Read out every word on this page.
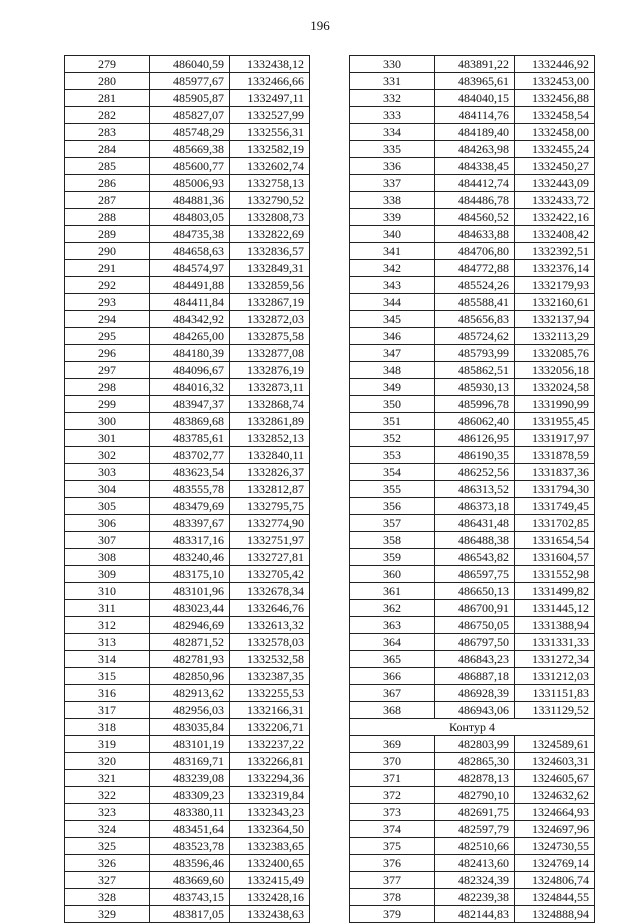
196
279	486040,59	1332438,12
280	485977,67	1332466,66
281	485905,87	1332497,11
282	485827,07	1332527,99
283	485748,29	1332556,31
284	485669,38	1332582,19
285	485600,77	1332602,74
286	485006,93	1332758,13
287	484881,36	1332790,52
288	484803,05	1332808,73
289	484735,38	1332822,69
290	484658,63	1332836,57
291	484574,97	1332849,31
292	484491,88	1332859,56
293	484411,84	1332867,19
294	484342,92	1332872,03
295	484265,00	1332875,58
296	484180,39	1332877,08
297	484096,67	1332876,19
298	484016,32	1332873,11
299	483947,37	1332868,74
300	483869,68	1332861,89
301	483785,61	1332852,13
302	483702,77	1332840,11
303	483623,54	1332826,37
304	483555,78	1332812,87
305	483479,69	1332795,75
306	483397,67	1332774,90
307	483317,16	1332751,97
308	483240,46	1332727,81
309	483175,10	1332705,42
310	483101,96	1332678,34
311	483023,44	1332646,76
312	482946,69	1332613,32
313	482871,52	1332578,03
314	482781,93	1332532,58
315	482850,96	1332387,35
316	482913,62	1332255,53
317	482956,03	1332166,31
318	483035,84	1332206,71
319	483101,19	1332237,22
320	483169,71	1332266,81
321	483239,08	1332294,36
322	483309,23	1332319,84
323	483380,11	1332343,23
324	483451,64	1332364,50
325	483523,78	1332383,65
326	483596,46	1332400,65
327	483669,60	1332415,49
328	483743,15	1332428,16
329	483817,05	1332438,63
330	483891,22	1332446,92
331	483965,61	1332453,00
332	484040,15	1332456,88
333	484114,76	1332458,54
334	484189,40	1332458,00
335	484263,98	1332455,24
336	484338,45	1332450,27
337	484412,74	1332443,09
338	484486,78	1332433,72
339	484560,52	1332422,16
340	484633,88	1332408,42
341	484706,80	1332392,51
342	484772,88	1332376,14
343	485524,26	1332179,93
344	485588,41	1332160,61
345	485656,83	1332137,94
346	485724,62	1332113,29
347	485793,99	1332085,76
348	485862,51	1332056,18
349	485930,13	1332024,58
350	485996,78	1331990,99
351	486062,40	1331955,45
352	486126,95	1331917,97
353	486190,35	1331878,59
354	486252,56	1331837,36
355	486313,52	1331794,30
356	486373,18	1331749,45
357	486431,48	1331702,85
358	486488,38	1331654,54
359	486543,82	1331604,57
360	486597,75	1331552,98
361	486650,13	1331499,82
362	486700,91	1331445,12
363	486750,05	1331388,94
364	486797,50	1331331,33
365	486843,23	1331272,34
366	486887,18	1331212,03
367	486928,39	1331151,83
368	486943,06	1331129,52
Контур 4		
369	482803,99	1324589,61
370	482865,30	1324603,31
371	482878,13	1324605,67
372	482790,10	1324632,62
373	482691,75	1324664,93
374	482597,79	1324697,96
375	482510,66	1324730,55
376	482413,60	1324769,14
377	482324,39	1324806,74
378	482239,38	1324844,55
379	482144,83	1324888,94
